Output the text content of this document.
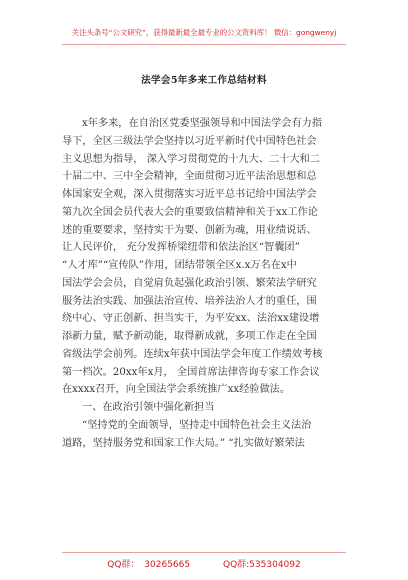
关注头条号“公文研究”，获得最新最全最专业的公文资料库！ 微信：gongwenyj
法学会5年多来工作总结材料
x年多来，在自治区党委坚强领导和中国法学会有力指
导下，全区三级法学会坚持以习近平新时代中国特色社会
主义思想为指导， 深入学习贯彻党的十九大、二十大和二
十届二中、三中全会精神，全面贯彻习近平法治思想和总
体国家安全观，深入贯彻落实习近平总书记给中国法学会
第九次全国会员代表大会的重要致信精神和关于xx工作论
述的重要要求，坚持实干为要、创新为魂，用业绩说话、
让人民评价， 充分发挥桥梁纽带和依法治区“智囊团”
“人才库”“宣传队”作用，团结带领全区x.x万名在x中
国法学会会员，自觉肩负起强化政治引领、繁荣法学研究
服务法治实践、加强法治宣传、培养法治人才的重任，围
绕中心、守正创新、担当实干，为平安xx、法治xx建设增
添新力量，赋予新动能，取得新成就，多项工作走在全国
省级法学会前列。连续x年获中国法学会年度工作绩效考核
第一档次。20xx年x月， 全国首席法律咨询专家工作会议
在xxxx召开，向全国法学会系统推广xx经验做法。
一、在政治引领中强化新担当
“坚持党的全面领导，坚持走中国特色社会主义法治
道路，坚持服务党和国家工作大局。” “扎实做好繁荣法
QQ群： 30265665	QQ群:535304092
